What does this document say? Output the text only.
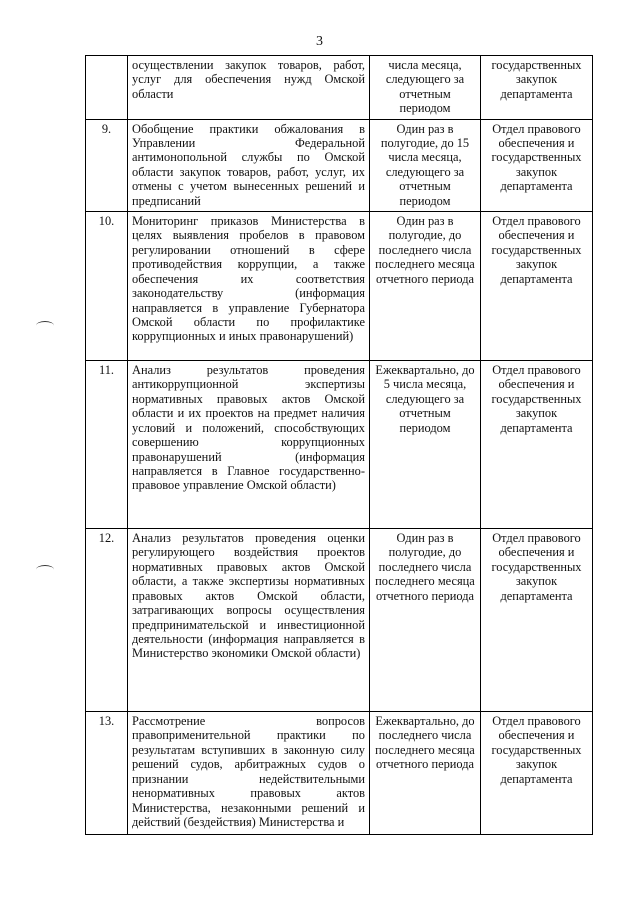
3
	осуществлении закупок товаров, работ, услуг для обеспечения нужд Омской области	числа месяца, следующего за отчетным периодом	государственных закупок департамента
9.	Обобщение практики обжалования в Управлении Федеральной антимонопольной службы по Омской области закупок товаров, работ, услуг, их отмены с учетом вынесенных решений и предписаний	Один раз в полугодие, до 15 числа месяца, следующего за отчетным периодом	Отдел правового обеспечения и государственных закупок департамента
10.	Мониторинг приказов Министерства в целях выявления пробелов в правовом регулировании отношений в сфере противодействия коррупции, а также обеспечения их соответствия законодательству (информация направляется в управление Губернатора Омской области по профилактике коррупционных и иных правонарушений)	Один раз в полугодие, до последнего числа последнего месяца отчетного периода	Отдел правового обеспечения и государственных закупок департамента
11.	Анализ результатов проведения антикоррупционной экспертизы нормативных правовых актов Омской области и их проектов на предмет наличия условий и положений, способствующих совершению коррупционных правонарушений (информация направляется в Главное государственно-правовое управление Омской области)	Ежеквартально, до 5 числа месяца, следующего за отчетным периодом	Отдел правового обеспечения и государственных закупок департамента
12.	Анализ результатов проведения оценки регулирующего воздействия проектов нормативных правовых актов Омской области, а также экспертизы нормативных правовых актов Омской области, затрагивающих вопросы осуществления предпринимательской и инвестиционной деятельности (информация направляется в Министерство экономики Омской области)	Один раз в полугодие, до последнего числа последнего месяца отчетного периода	Отдел правового обеспечения и государственных закупок департамента
13.	Рассмотрение вопросов правоприменительной практики по результатам вступивших в законную силу решений судов, арбитражных судов о признании недействительными ненормативных правовых актов Министерства, незаконными решений и действий (бездействия) Министерства и	Ежеквартально, до последнего числа последнего месяца отчетного периода	Отдел правового обеспечения и государственных закупок департамента
